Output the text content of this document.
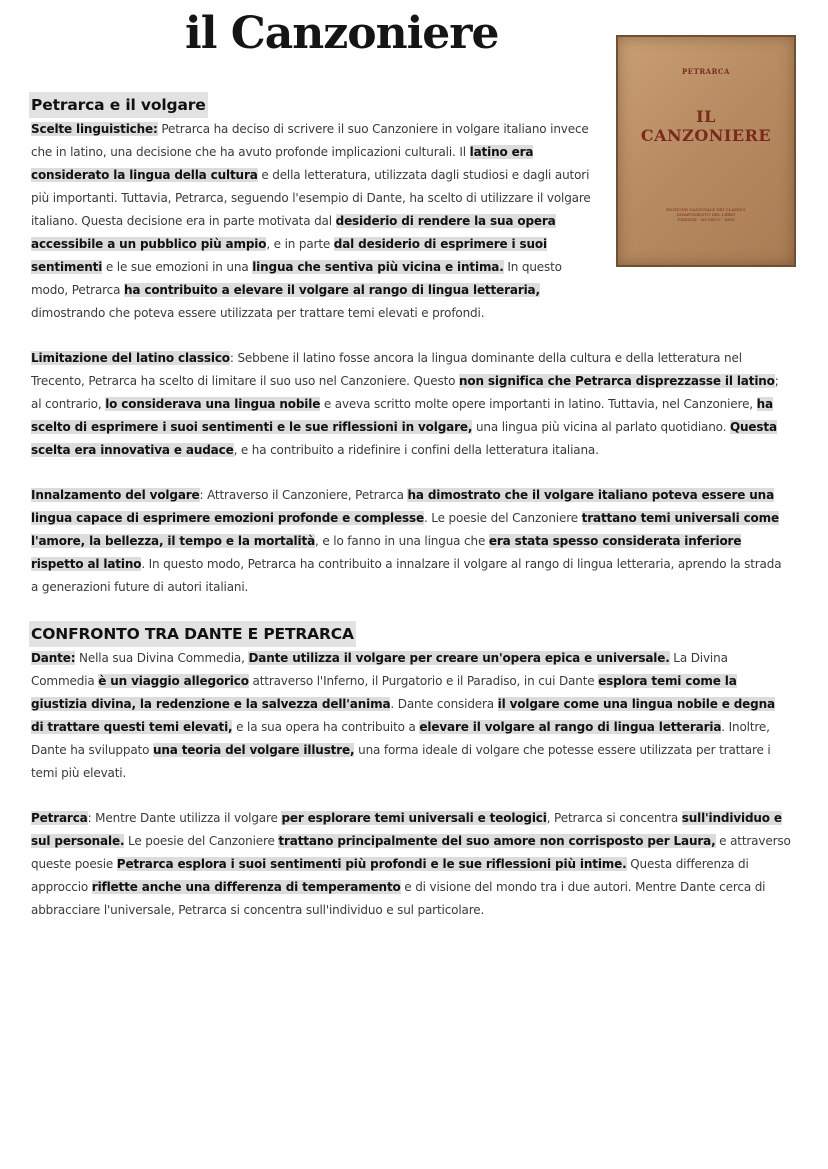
il Canzoniere
PETRARCA
IL
CANZONIERE
EDIZIONE NAZIONALE DEI CLASSICI
DIPARTIMENTO DEL LIBRO
FIRENZE · MCMXCV · XXVI
Petrarca e il volgare

Scelte linguistiche: Petrarca ha deciso di scrivere il suo Canzoniere in volgare italiano invece che in latino, una decisione che ha avuto profonde implicazioni culturali. Il latino era considerato la lingua della cultura e della letteratura, utilizzata dagli studiosi e dagli autori più importanti. Tuttavia, Petrarca, seguendo l'esempio di Dante, ha scelto di utilizzare il volgare italiano. Questa decisione era in parte motivata dal desiderio di rendere la sua opera accessibile a un pubblico più ampio, e in parte dal desiderio di esprimere i suoi sentimenti e le sue emozioni in una lingua che sentiva più vicina e intima. In questo modo, Petrarca ha contribuito a elevare il volgare al rango di lingua letteraria, dimostrando che poteva essere utilizzata per trattare temi elevati e profondi.

Limitazione del latino classico: Sebbene il latino fosse ancora la lingua dominante della cultura e della letteratura nel Trecento, Petrarca ha scelto di limitare il suo uso nel Canzoniere. Questo non significa che Petrarca disprezzasse il latino; al contrario, lo considerava una lingua nobile e aveva scritto molte opere importanti in latino. Tuttavia, nel Canzoniere, ha scelto di esprimere i suoi sentimenti e le sue riflessioni in volgare, una lingua più vicina al parlato quotidiano. Questa scelta era innovativa e audace, e ha contribuito a ridefinire i confini della letteratura italiana.

Innalzamento del volgare: Attraverso il Canzoniere, Petrarca ha dimostrato che il volgare italiano poteva essere una lingua capace di esprimere emozioni profonde e complesse. Le poesie del Canzoniere trattano temi universali come l'amore, la bellezza, il tempo e la mortalità, e lo fanno in una lingua che era stata spesso considerata inferiore rispetto al latino. In questo modo, Petrarca ha contribuito a innalzare il volgare al rango di lingua letteraria, aprendo la strada a generazioni future di autori italiani.

CONFRONTO TRA DANTE E PETRARCA

Dante: Nella sua Divina Commedia, Dante utilizza il volgare per creare un'opera epica e universale. La Divina Commedia è un viaggio allegorico attraverso l'Inferno, il Purgatorio e il Paradiso, in cui Dante esplora temi come la giustizia divina, la redenzione e la salvezza dell'anima. Dante considera il volgare come una lingua nobile e degna di trattare questi temi elevati, e la sua opera ha contribuito a elevare il volgare al rango di lingua letteraria. Inoltre, Dante ha sviluppato una teoria del volgare illustre, una forma ideale di volgare che potesse essere utilizzata per trattare i temi più elevati.

Petrarca: Mentre Dante utilizza il volgare per esplorare temi universali e teologici, Petrarca si concentra sull'individuo e sul personale. Le poesie del Canzoniere trattano principalmente del suo amore non corrisposto per Laura, e attraverso queste poesie Petrarca esplora i suoi sentimenti più profondi e le sue riflessioni più intime. Questa differenza di approccio riflette anche una differenza di temperamento e di visione del mondo tra i due autori. Mentre Dante cerca di abbracciare l'universale, Petrarca si concentra sull'individuo e sul particolare.
